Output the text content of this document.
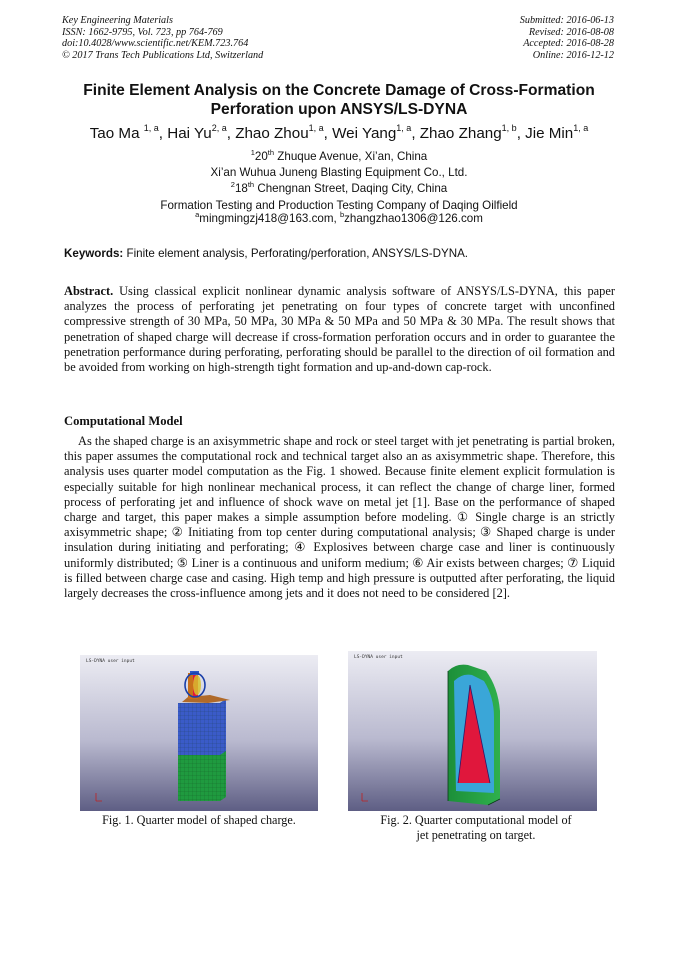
Key Engineering Materials
ISSN: 1662-9795, Vol. 723, pp 764-769
doi:10.4028/www.scientific.net/KEM.723.764
© 2017 Trans Tech Publications Ltd, Switzerland
Submitted: 2016-06-13
Revised: 2016-08-08
Accepted: 2016-08-28
Online: 2016-12-12
Finite Element Analysis on the Concrete Damage of Cross-Formation Perforation upon ANSYS/LS-DYNA
Tao Ma $^{1, a}$, Hai Yu$^{2, a}$, Zhao Zhou$^{1, a}$, Wei Yang$^{1, a}$, Zhao Zhang$^{1, b}$, Jie Min$^{1, a}$
$^1$20th Zhuque Avenue, Xi’an, China
Xi’an Wuhua Juneng Blasting Equipment Co., Ltd.
$^2$18th Chengnan Street, Daqing City, China
Formation Testing and Production Testing Company of Daqing Oilfield
$^a$mingmingzj418@163.com, $^b$zhangzhao1306@126.com
Keywords: Finite element analysis, Perforating/perforation, ANSYS/LS-DYNA.

Abstract. Using classical explicit nonlinear dynamic analysis software of ANSYS/LS-DYNA, this paper analyzes the process of perforating jet penetrating on four types of concrete target with unconfined compressive strength of 30 MPa, 50 MPa, 30 MPa & 50 MPa and 50 MPa & 30 MPa. The result shows that penetration of shaped charge will decrease if cross-formation perforation occurs and in order to guarantee the penetration performance during perforating, perforating should be parallel to the direction of oil formation and be avoided from working on high-strength tight formation and up-and-down cap-rock.

Computational Model

As the shaped charge is an axisymmetric shape and rock or steel target with jet penetrating is partial broken, this paper assumes the computational rock and technical target also an as axisymmetric shape. Therefore, this analysis uses quarter model computation as the Fig. 1 showed. Because finite element explicit formulation is especially suitable for high nonlinear mechanical process, it can reflect the change of charge liner, formed process of perforating jet and influence of shock wave on metal jet [1]. Base on the performance of shaped charge and target, this paper makes a simple assumption before modeling. ① Single charge is an strictly axisymmetric shape; ② Initiating from top center during computational analysis; ③ Shaped charge is under insulation during initiating and perforating; ④ Explosives between charge case and liner is continuously uniformly distributed; ⑤ Liner is a continuous and uniform medium; ⑥ Air exists between charges; ⑦ Liquid is filled between charge case and casing. High temp and high pressure is outputted after perforating, the liquid largely decreases the cross-influence among jets and it does not need to be considered [2].

LS-DYNA user input
Fig. 1. Quarter model of shaped charge.
LS-DYNA user input
Fig. 2. Quarter computational model of
jet penetrating on target.
